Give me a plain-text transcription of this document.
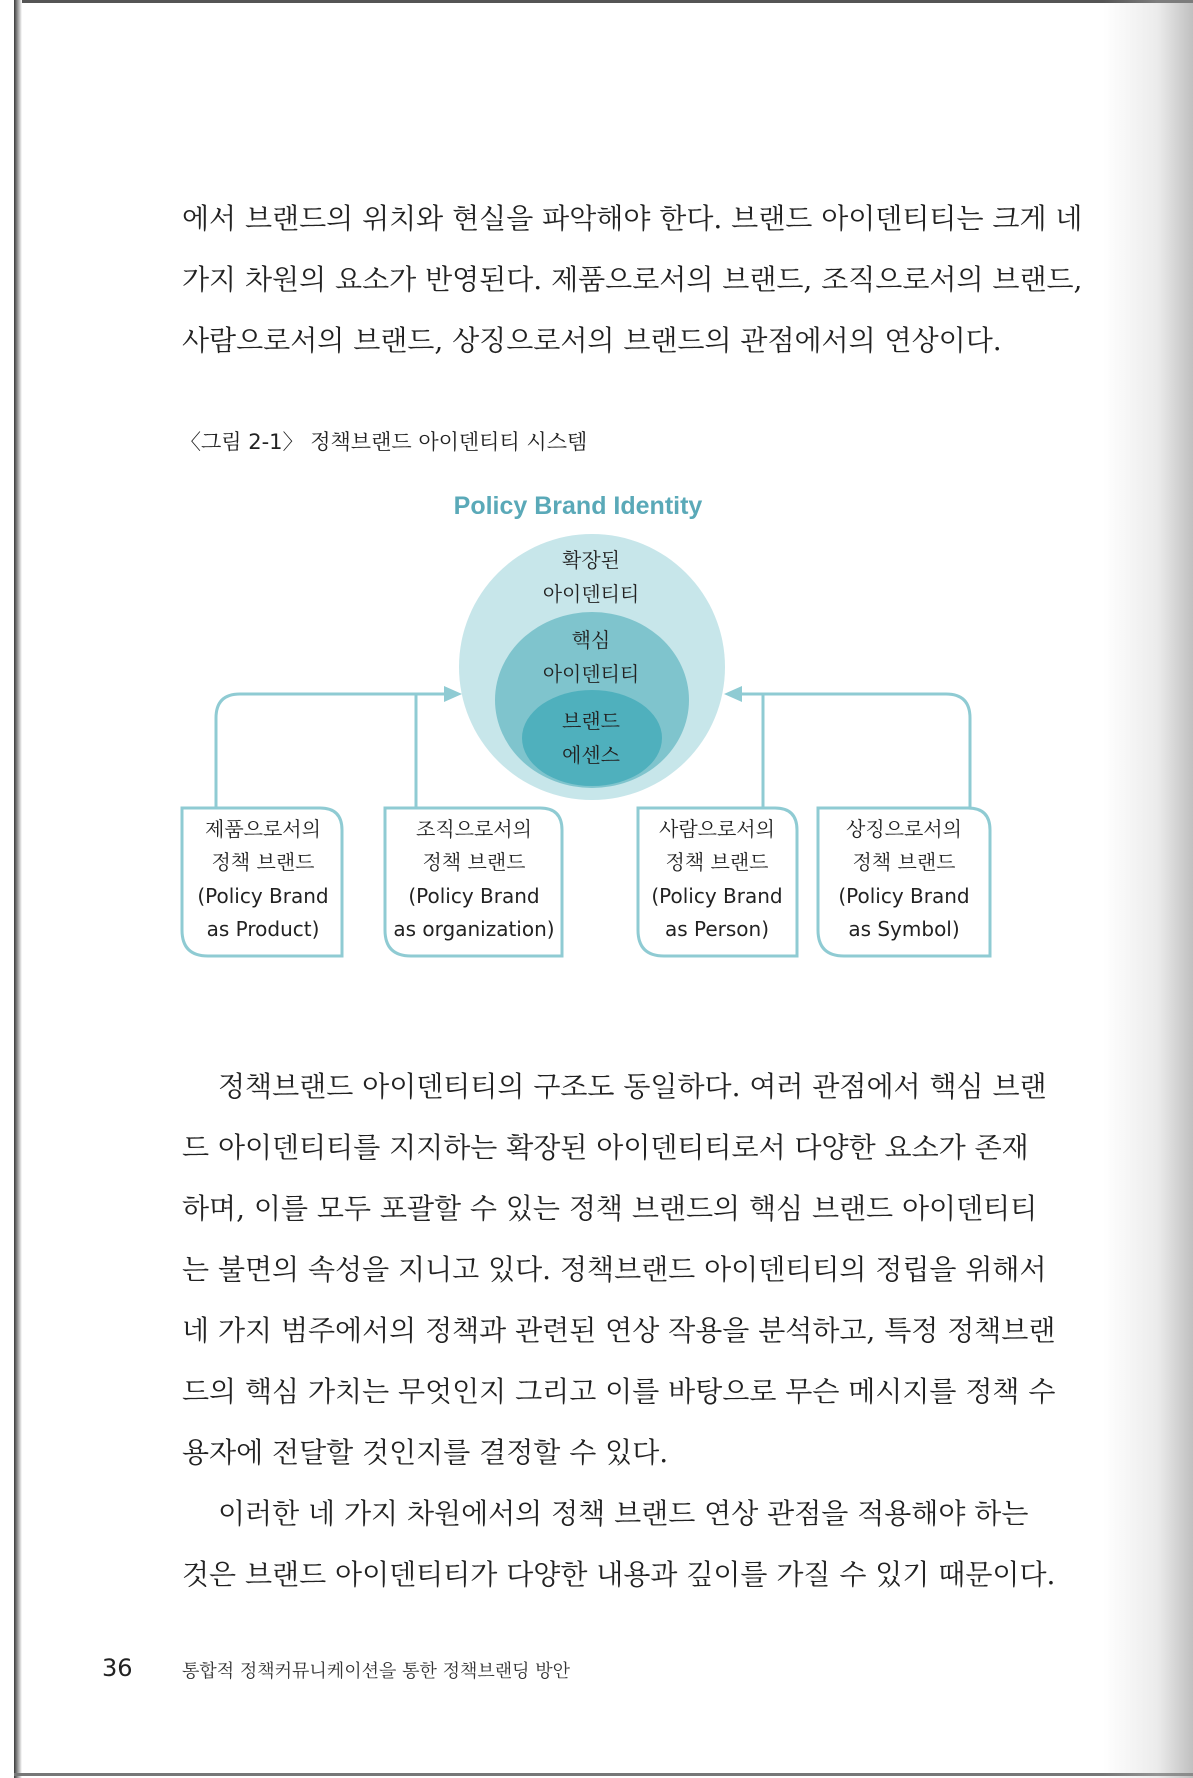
에서 브랜드의 위치와 현실을 파악해야 한다. 브랜드 아이덴티티는 크게 네
가지 차원의 요소가 반영된다. 제품으로서의 브랜드, 조직으로서의 브랜드,
사람으로서의 브랜드, 상징으로서의 브랜드의 관점에서의 연상이다.
〈그림 2-1〉 정책브랜드 아이덴티티 시스템
Policy Brand Identity
확장된
아이덴티티
핵심
아이덴티티
브랜드
에센스
제품으로서의
정책 브랜드
(Policy Brand
as Product)
조직으로서의
정책 브랜드
(Policy Brand
as organization)
사람으로서의
정책 브랜드
(Policy Brand
as Person)
상징으로서의
정책 브랜드
(Policy Brand
as Symbol)
정책브랜드 아이덴티티의 구조도 동일하다. 여러 관점에서 핵심 브랜
드 아이덴티티를 지지하는 확장된 아이덴티티로서 다양한 요소가 존재
하며, 이를 모두 포괄할 수 있는 정책 브랜드의 핵심 브랜드 아이덴티티
는 불면의 속성을 지니고 있다. 정책브랜드 아이덴티티의 정립을 위해서
네 가지 범주에서의 정책과 관련된 연상 작용을 분석하고, 특정 정책브랜
드의 핵심 가치는 무엇인지 그리고 이를 바탕으로 무슨 메시지를 정책 수
용자에 전달할 것인지를 결정할 수 있다.
이러한 네 가지 차원에서의 정책 브랜드 연상 관점을 적용해야 하는
것은 브랜드 아이덴티티가 다양한 내용과 깊이를 가질 수 있기 때문이다.
36	통합적 정책커뮤니케이션을 통한 정책브랜딩 방안
